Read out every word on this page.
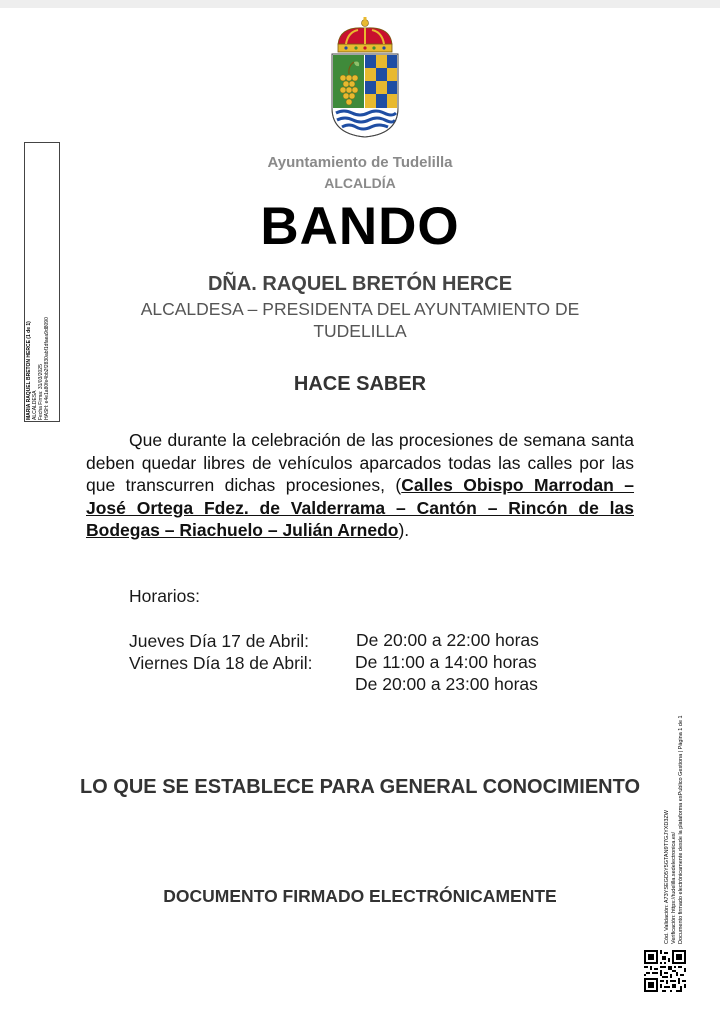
Ayuntamiento de Tudelilla
ALCALDÍA
BANDO
DÑA. RAQUEL BRETÓN HERCE
ALCALDESA – PRESIDENTA DEL AYUNTAMIENTO DE TUDELILLA
HACE SABER

Que durante la celebración de las procesiones de semana santa deben quedar libres de vehículos aparcados todas las calles por las que transcurren dichas procesiones, (Calles Obispo Marrodan – José Ortega Fdez. de Valderrama – Cantón – Rincón de las Bodegas – Riachuelo – Julián Arnedo).

Horarios:
Jueves Día 17 de Abril:	De 20:00 a 22:00 horas
Viernes Día 18 de Abril:	De 11:00 a 14:00 horas
De 20:00 a 23:00 horas
LO QUE SE ESTABLECE PARA GENERAL CONOCIMIENTO
DOCUMENTO FIRMADO ELECTRÓNICAMENTE
MARIA RAQUEL BRETON HERCE (1 de 1) ALCALDESA Fecha Firma: 31/03/2025 HASH: e4e1a80fe4bb2f2830abf1dfaea9d8090
Cód. Validación: A73YSEGD5Y5GTAN9T7GJYXD3ZW Verificación: https://tudelilla.sedelectronica.es/ Documento firmado electrónicamente desde la plataforma esPublico Gestiona | Página 1 de 1
